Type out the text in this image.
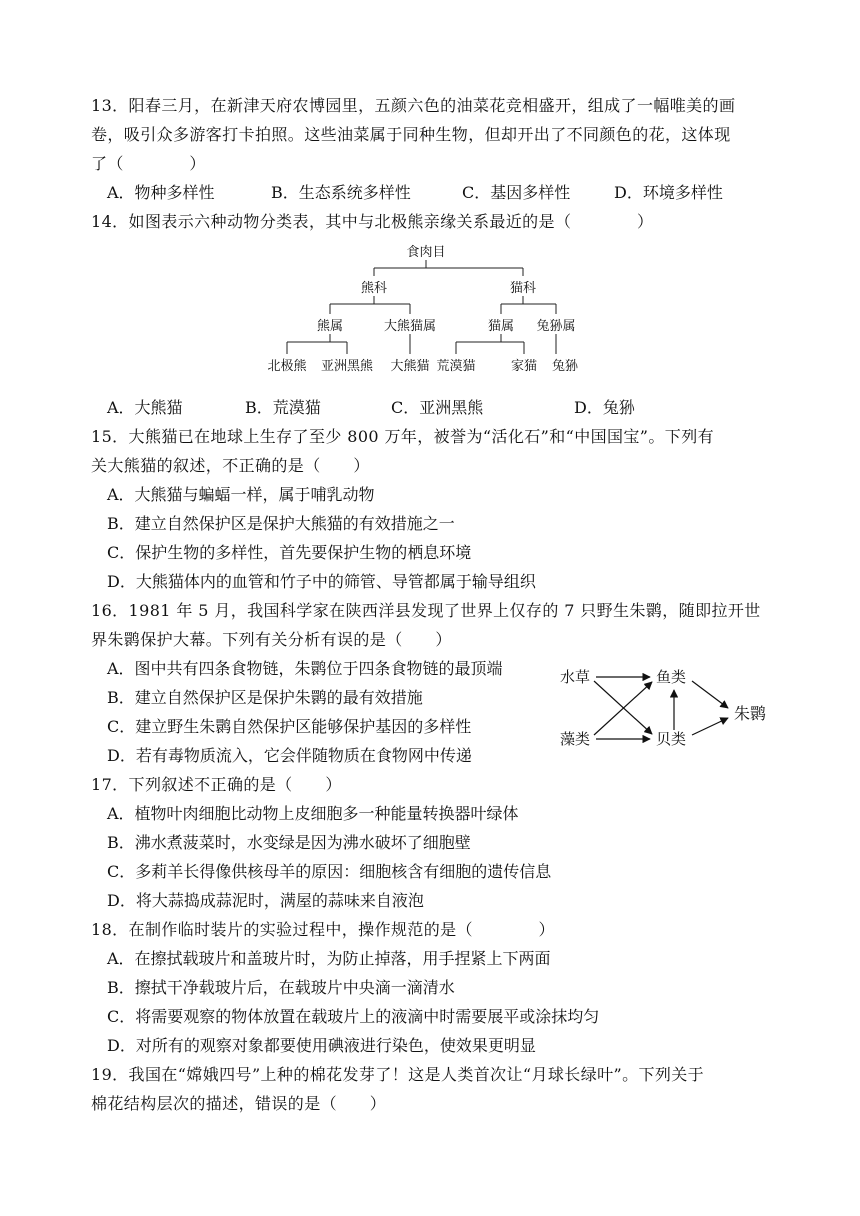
13．阳春三月，在新津天府农博园里，五颜六色的油菜花竞相盛开，组成了一幅唯美的画
卷，吸引众多游客打卡拍照。这些油菜属于同种生物，但却开出了不同颜色的花，这体现
了（　　　　）
A．物种多样性	B．生态系统多样性	C．基因多样性	D．环境多样性
14．如图表示六种动物分类表，其中与北极熊亲缘关系最近的是（　　　　）
食肉目
熊科	猫科
熊属	大熊猫属	猫属 兔狲属
北极熊 亚洲黑熊 大熊猫 荒漠猫	家猫 兔狲
A．大熊猫	B．荒漠猫	C．亚洲黑熊	D．兔狲
15．大熊猫已在地球上生存了至少 800 万年，被誉为“活化石”和“中国国宝”。下列有
关大熊猫的叙述，不正确的是（　　）
A．大熊猫与蝙蝠一样，属于哺乳动物
B．建立自然保护区是保护大熊猫的有效措施之一
C．保护生物的多样性，首先要保护生物的栖息环境
D．大熊猫体内的血管和竹子中的筛管、导管都属于输导组织
16．1981 年 5 月，我国科学家在陕西洋县发现了世界上仅存的 7 只野生朱鹮，随即拉开世
界朱鹮保护大幕。下列有关分析有误的是（　　）
A．图中共有四条食物链，朱鹮位于四条食物链的最顶端
B．建立自然保护区是保护朱鹮的最有效措施
C．建立野生朱鹮自然保护区能够保护基因的多样性
D．若有毒物质流入，它会伴随物质在食物网中传递
水草
藻类
鱼类
贝类
朱鹮
17．下列叙述不正确的是（　　）
A．植物叶肉细胞比动物上皮细胞多一种能量转换器叶绿体
B．沸水煮菠菜时，水变绿是因为沸水破坏了细胞壁
C．多莉羊长得像供核母羊的原因：细胞核含有细胞的遗传信息
D．将大蒜捣成蒜泥时，满屋的蒜味来自液泡
18．在制作临时装片的实验过程中，操作规范的是（　　　　）
A．在擦拭载玻片和盖玻片时，为防止掉落，用手捏紧上下两面
B．擦拭干净载玻片后，在载玻片中央滴一滴清水
C．将需要观察的物体放置在载玻片上的液滴中时需要展平或涂抹均匀
D．对所有的观察对象都要使用碘液进行染色，使效果更明显
19．我国在“嫦娥四号”上种的棉花发芽了！这是人类首次让“月球长绿叶”。下列关于
棉花结构层次的描述，错误的是（　　）
